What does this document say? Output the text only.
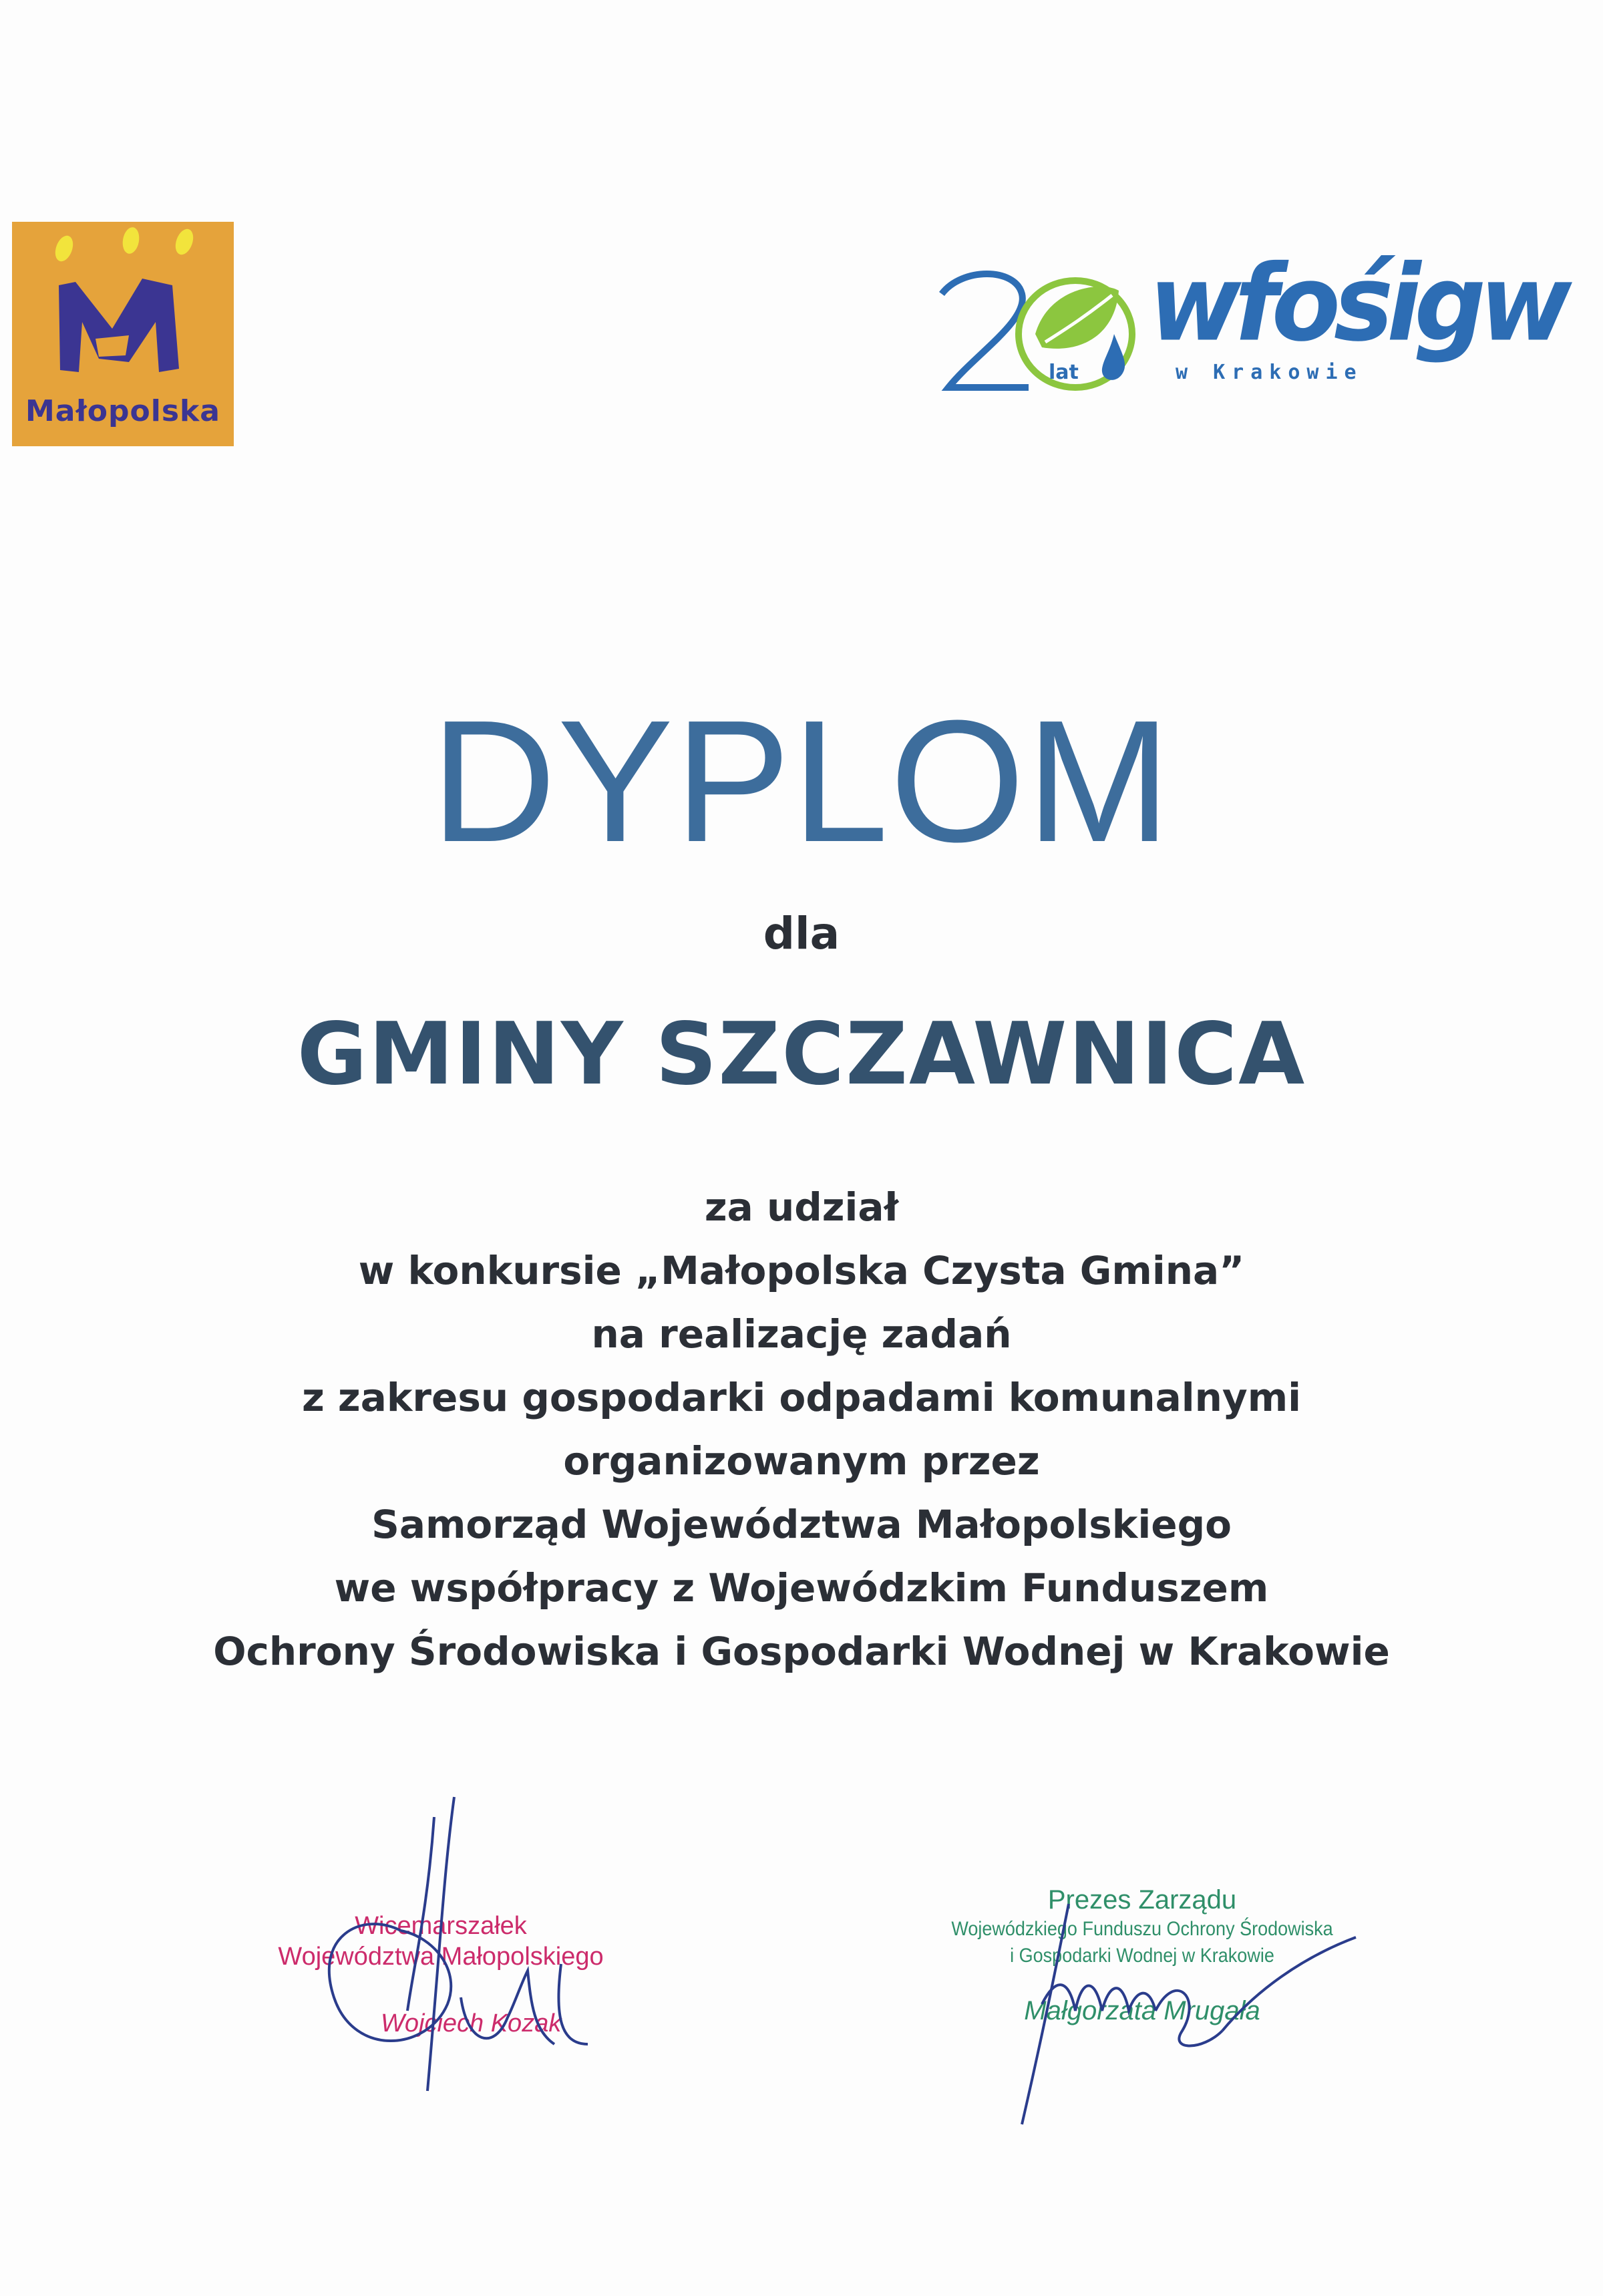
Małopolska
lat
wfośigw
w Krakowie
DYPLOM
dla
GMINY SZCZAWNICA
za udział
w konkursie „Małopolska Czysta Gmina”
na realizację zadań
z zakresu gospodarki odpadami komunalnymi
organizowanym przez
Samorząd Województwa Małopolskiego
we współpracy z Wojewódzkim Funduszem
Ochrony Środowiska i Gospodarki Wodnej w Krakowie
Wicemarszałek
Województwa Małopolskiego
Wojciech Kozak
Prezes Zarządu
Wojewódzkiego Funduszu Ochrony Środowiska
i Gospodarki Wodnej w Krakowie
Małgorzata Mrugała
